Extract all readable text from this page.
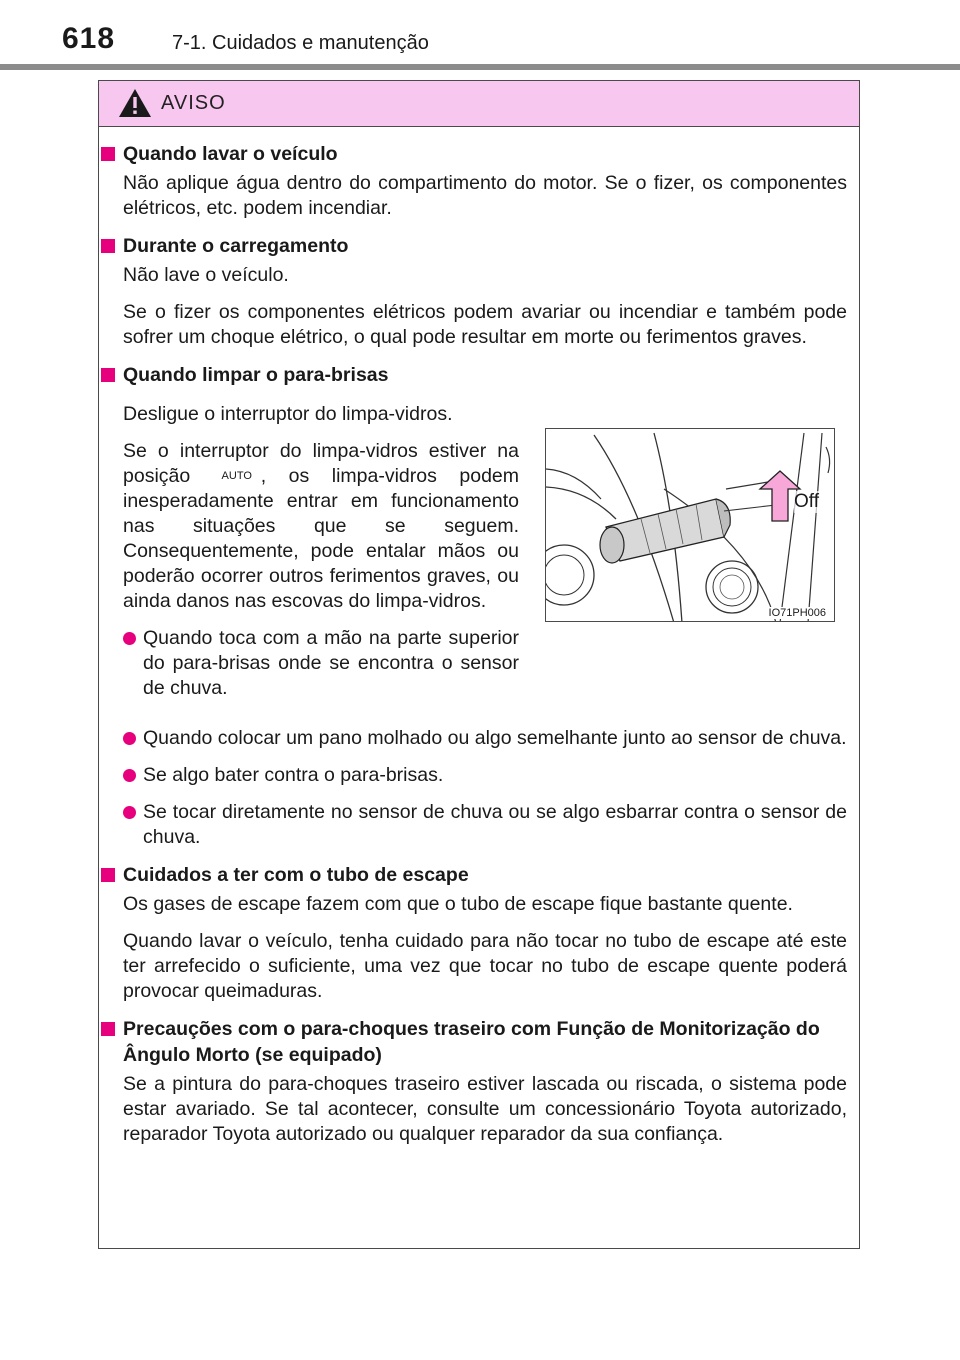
618	7-1. Cuidados e manutenção
AVISO
Quando lavar o veículo

Não aplique água dentro do compartimento do motor. Se o fizer, os componentes elétricos, etc. podem incendiar.

Durante o carregamento

Não lave o veículo.

Se o fizer os componentes elétricos podem avariar ou incendiar e também pode sofrer um choque elétrico, o qual pode resultar em morte ou ferimentos graves.

Quando limpar o para-brisas

Desligue o interruptor do limpa-vidros.

Se o interruptor do limpa-vidros estiver na posição	AUTO , os limpa-vidros podem inesperadamente entrar em funcionamento nas situações que se seguem. Consequentemente, pode entalar mãos ou poderão ocorrer outros ferimentos graves, ou ainda danos nas escovas do limpa-vidros.

Quando toca com a mão na parte superior do para-brisas onde se encontra o sensor de chuva.
Off
IO71PH006
Quando colocar um pano molhado ou algo semelhante junto ao sensor de chuva.
Se algo bater contra o para-brisas.
Se tocar diretamente no sensor de chuva ou se algo esbarrar contra o sensor de chuva.
Cuidados a ter com o tubo de escape

Os gases de escape fazem com que o tubo de escape fique bastante quente.

Quando lavar o veículo, tenha cuidado para não tocar no tubo de escape até este ter arrefecido o suficiente, uma vez que tocar no tubo de escape quente poderá provocar queimaduras.

Precauções com o para-choques traseiro com Função de Monitorização do Ângulo Morto (se equipado)

Se a pintura do para-choques traseiro estiver lascada ou riscada, o sistema pode estar avariado. Se tal acontecer, consulte um concessionário Toyota autorizado, reparador Toyota autorizado ou qualquer reparador da sua confiança.
